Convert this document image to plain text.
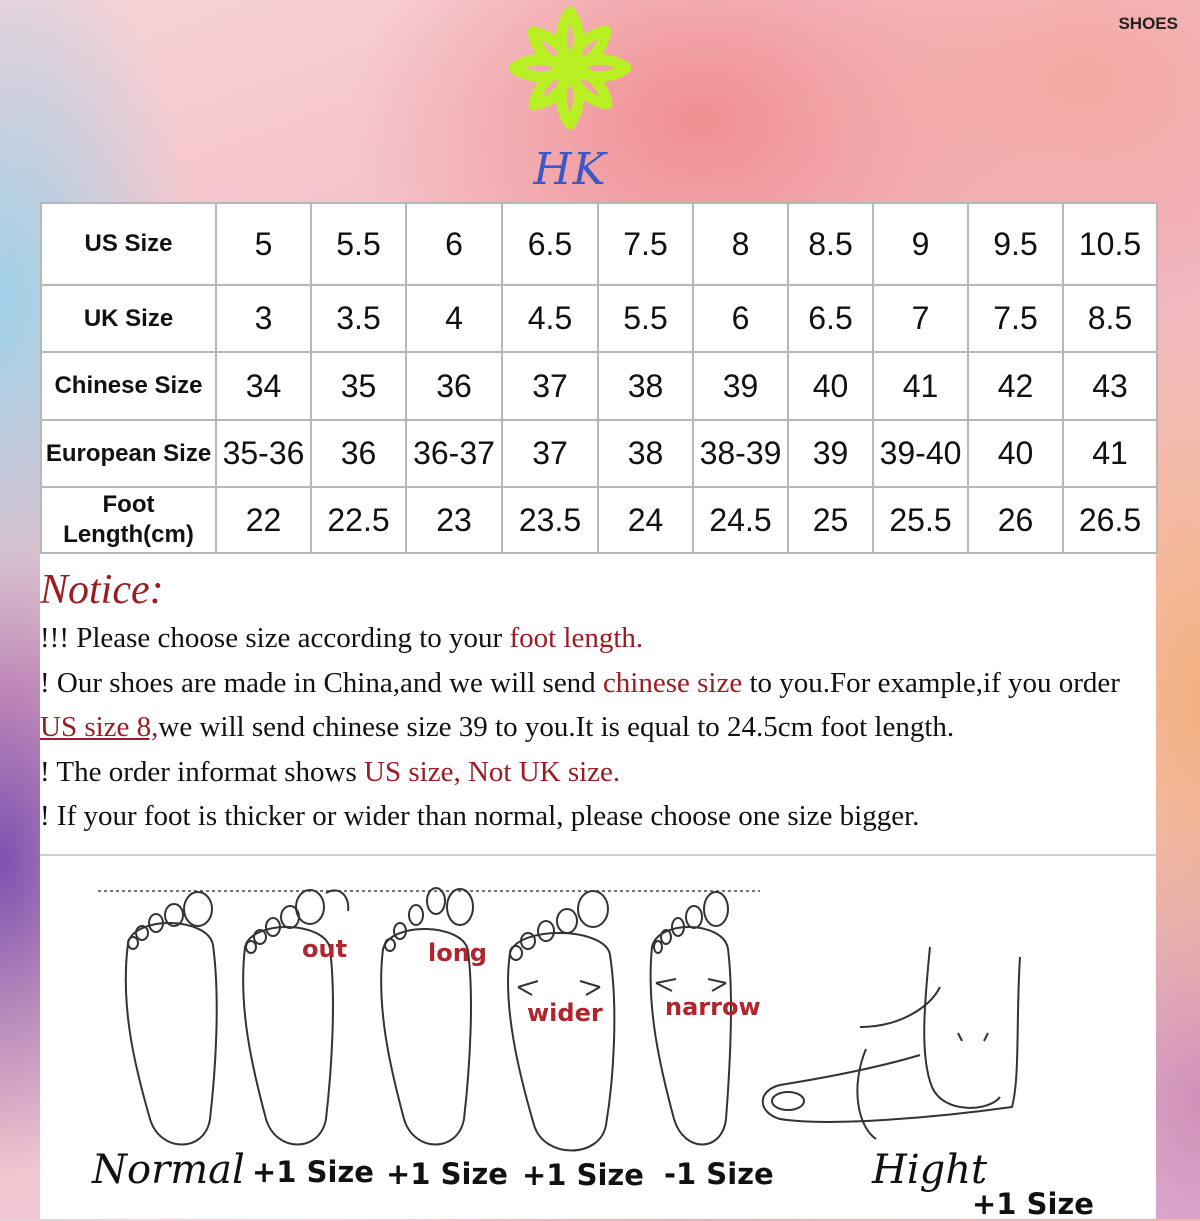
SHOES
HK
US Size	5	5.5	6	6.5	7.5	8	8.5	9	9.5	10.5
UK Size	3	3.5	4	4.5	5.5	6	6.5	7	7.5	8.5
Chinese Size	34	35	36	37	38	39	40	41	42	43
European Size	35-36	36	36-37	37	38	38-39	39	39-40	40	41

Foot
Length(cm)	22	22.5	23	23.5	24	24.5	25	25.5	26	26.5
Notice:
!!! Please choose size according to your foot length.
! Our shoes are made in China,and we will send chinese size to you.For example,if you order
US size 8,we will send chinese size 39 to you.It is equal to 24.5cm foot length.
! The order informat shows US size, Not UK size.
! If your foot is thicker or wider than normal, please choose one size bigger.
out	long
wider	narrow
Normal +1 Size +1 Size +1 Size -1 Size Hight
+1 Size
